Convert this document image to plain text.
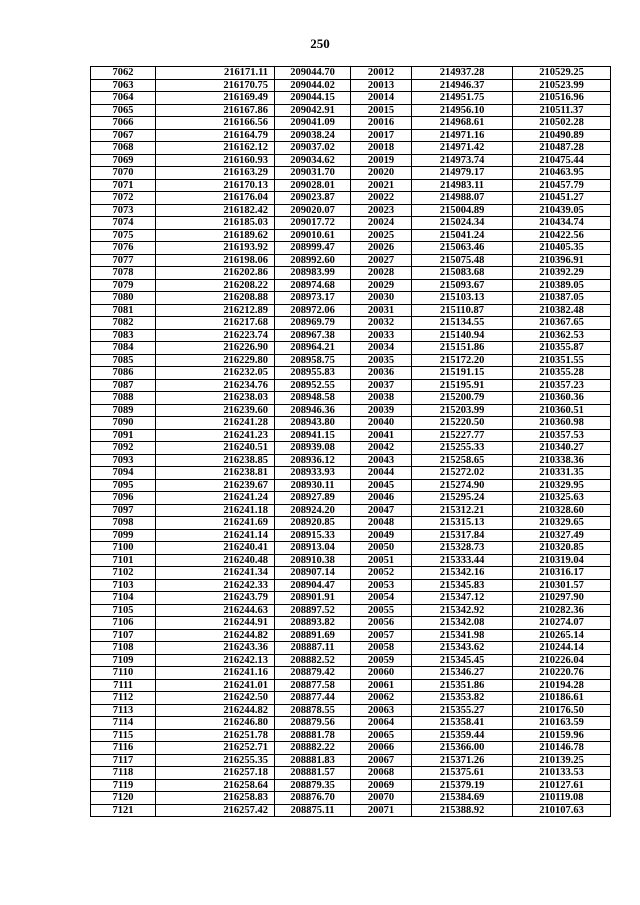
250
7062	216171.11	209044.70	20012	214937.28	210529.25
7063	216170.75	209044.02	20013	214946.37	210523.99
7064	216169.49	209044.15	20014	214951.75	210516.96
7065	216167.86	209042.91	20015	214956.10	210511.37
7066	216166.56	209041.09	20016	214968.61	210502.28
7067	216164.79	209038.24	20017	214971.16	210490.89
7068	216162.12	209037.02	20018	214971.42	210487.28
7069	216160.93	209034.62	20019	214973.74	210475.44
7070	216163.29	209031.70	20020	214979.17	210463.95
7071	216170.13	209028.01	20021	214983.11	210457.79
7072	216176.04	209023.87	20022	214988.07	210451.27
7073	216182.42	209020.07	20023	215004.89	210439.05
7074	216185.03	209017.72	20024	215024.34	210434.74
7075	216189.62	209010.61	20025	215041.24	210422.56
7076	216193.92	208999.47	20026	215063.46	210405.35
7077	216198.06	208992.60	20027	215075.48	210396.91
7078	216202.86	208983.99	20028	215083.68	210392.29
7079	216208.22	208974.68	20029	215093.67	210389.05
7080	216208.88	208973.17	20030	215103.13	210387.05
7081	216212.89	208972.06	20031	215110.87	210382.48
7082	216217.68	208969.79	20032	215134.55	210367.65
7083	216223.74	208967.38	20033	215140.94	210362.53
7084	216226.90	208964.21	20034	215151.86	210355.87
7085	216229.80	208958.75	20035	215172.20	210351.55
7086	216232.05	208955.83	20036	215191.15	210355.28
7087	216234.76	208952.55	20037	215195.91	210357.23
7088	216238.03	208948.58	20038	215200.79	210360.36
7089	216239.60	208946.36	20039	215203.99	210360.51
7090	216241.28	208943.80	20040	215220.50	210360.98
7091	216241.23	208941.15	20041	215227.77	210357.53
7092	216240.51	208939.08	20042	215255.33	210340.27
7093	216238.85	208936.12	20043	215258.65	210338.36
7094	216238.81	208933.93	20044	215272.02	210331.35
7095	216239.67	208930.11	20045	215274.90	210329.95
7096	216241.24	208927.89	20046	215295.24	210325.63
7097	216241.18	208924.20	20047	215312.21	210328.60
7098	216241.69	208920.85	20048	215315.13	210329.65
7099	216241.14	208915.33	20049	215317.84	210327.49
7100	216240.41	208913.04	20050	215328.73	210320.85
7101	216240.48	208910.38	20051	215333.44	210319.04
7102	216241.34	208907.14	20052	215342.16	210316.17
7103	216242.33	208904.47	20053	215345.83	210301.57
7104	216243.79	208901.91	20054	215347.12	210297.90
7105	216244.63	208897.52	20055	215342.92	210282.36
7106	216244.91	208893.82	20056	215342.08	210274.07
7107	216244.82	208891.69	20057	215341.98	210265.14
7108	216243.36	208887.11	20058	215343.62	210244.14
7109	216242.13	208882.52	20059	215345.45	210226.04
7110	216241.16	208879.42	20060	215346.27	210220.76
7111	216241.01	208877.58	20061	215351.86	210194.28
7112	216242.50	208877.44	20062	215353.82	210186.61
7113	216244.82	208878.55	20063	215355.27	210176.50
7114	216246.80	208879.56	20064	215358.41	210163.59
7115	216251.78	208881.78	20065	215359.44	210159.96
7116	216252.71	208882.22	20066	215366.00	210146.78
7117	216255.35	208881.83	20067	215371.26	210139.25
7118	216257.18	208881.57	20068	215375.61	210133.53
7119	216258.64	208879.35	20069	215379.19	210127.61
7120	216258.83	208876.70	20070	215384.69	210119.08
7121	216257.42	208875.11	20071	215388.92	210107.63
